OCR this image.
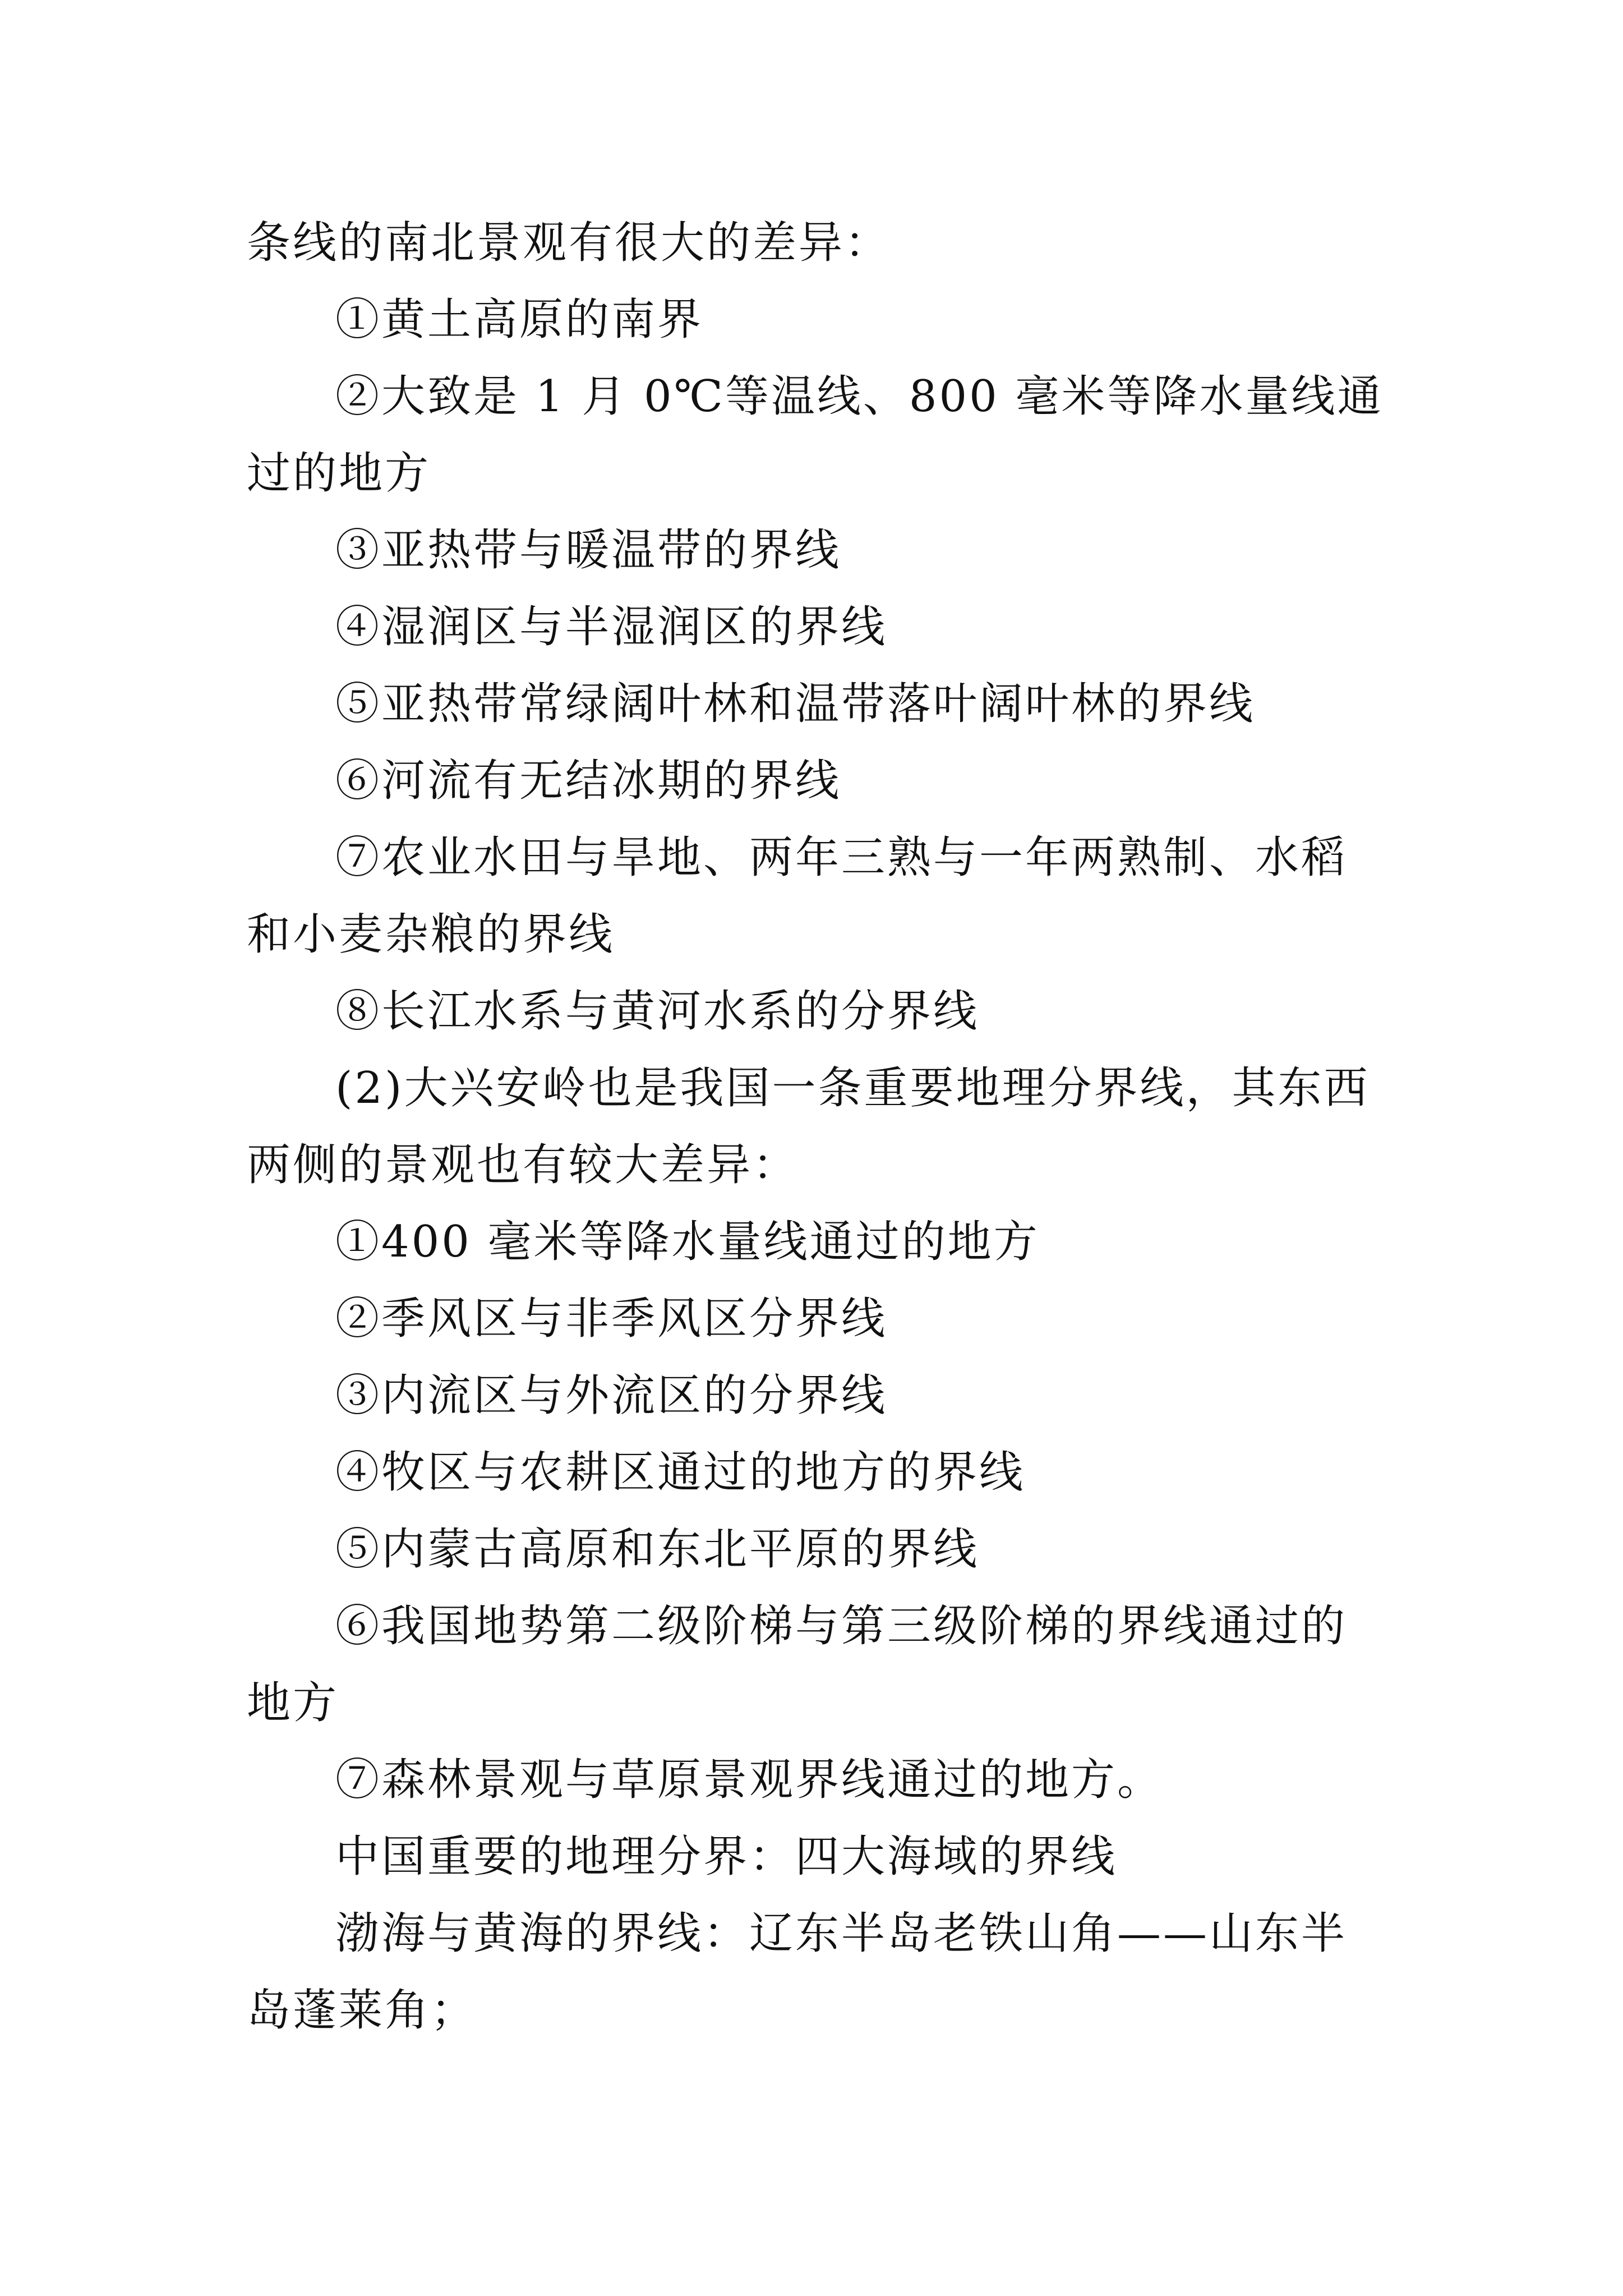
条线的南北景观有很大的差异：

①黄土高原的南界

②大致是 1 月 0℃等温线、800 毫米等降水量线通过的地方

③亚热带与暖温带的界线

④湿润区与半湿润区的界线

⑤亚热带常绿阔叶林和温带落叶阔叶林的界线

⑥河流有无结冰期的界线

⑦农业水田与旱地、两年三熟与一年两熟制、水稻和小麦杂粮的界线

⑧长江水系与黄河水系的分界线

(2)大兴安岭也是我国一条重要地理分界线，其东西两侧的景观也有较大差异：

①400 毫米等降水量线通过的地方

②季风区与非季风区分界线

③内流区与外流区的分界线

④牧区与农耕区通过的地方的界线

⑤内蒙古高原和东北平原的界线

⑥我国地势第二级阶梯与第三级阶梯的界线通过的地方

⑦森林景观与草原景观界线通过的地方。

中国重要的地理分界：四大海域的界线

渤海与黄海的界线：辽东半岛老铁山角——山东半岛蓬莱角；
